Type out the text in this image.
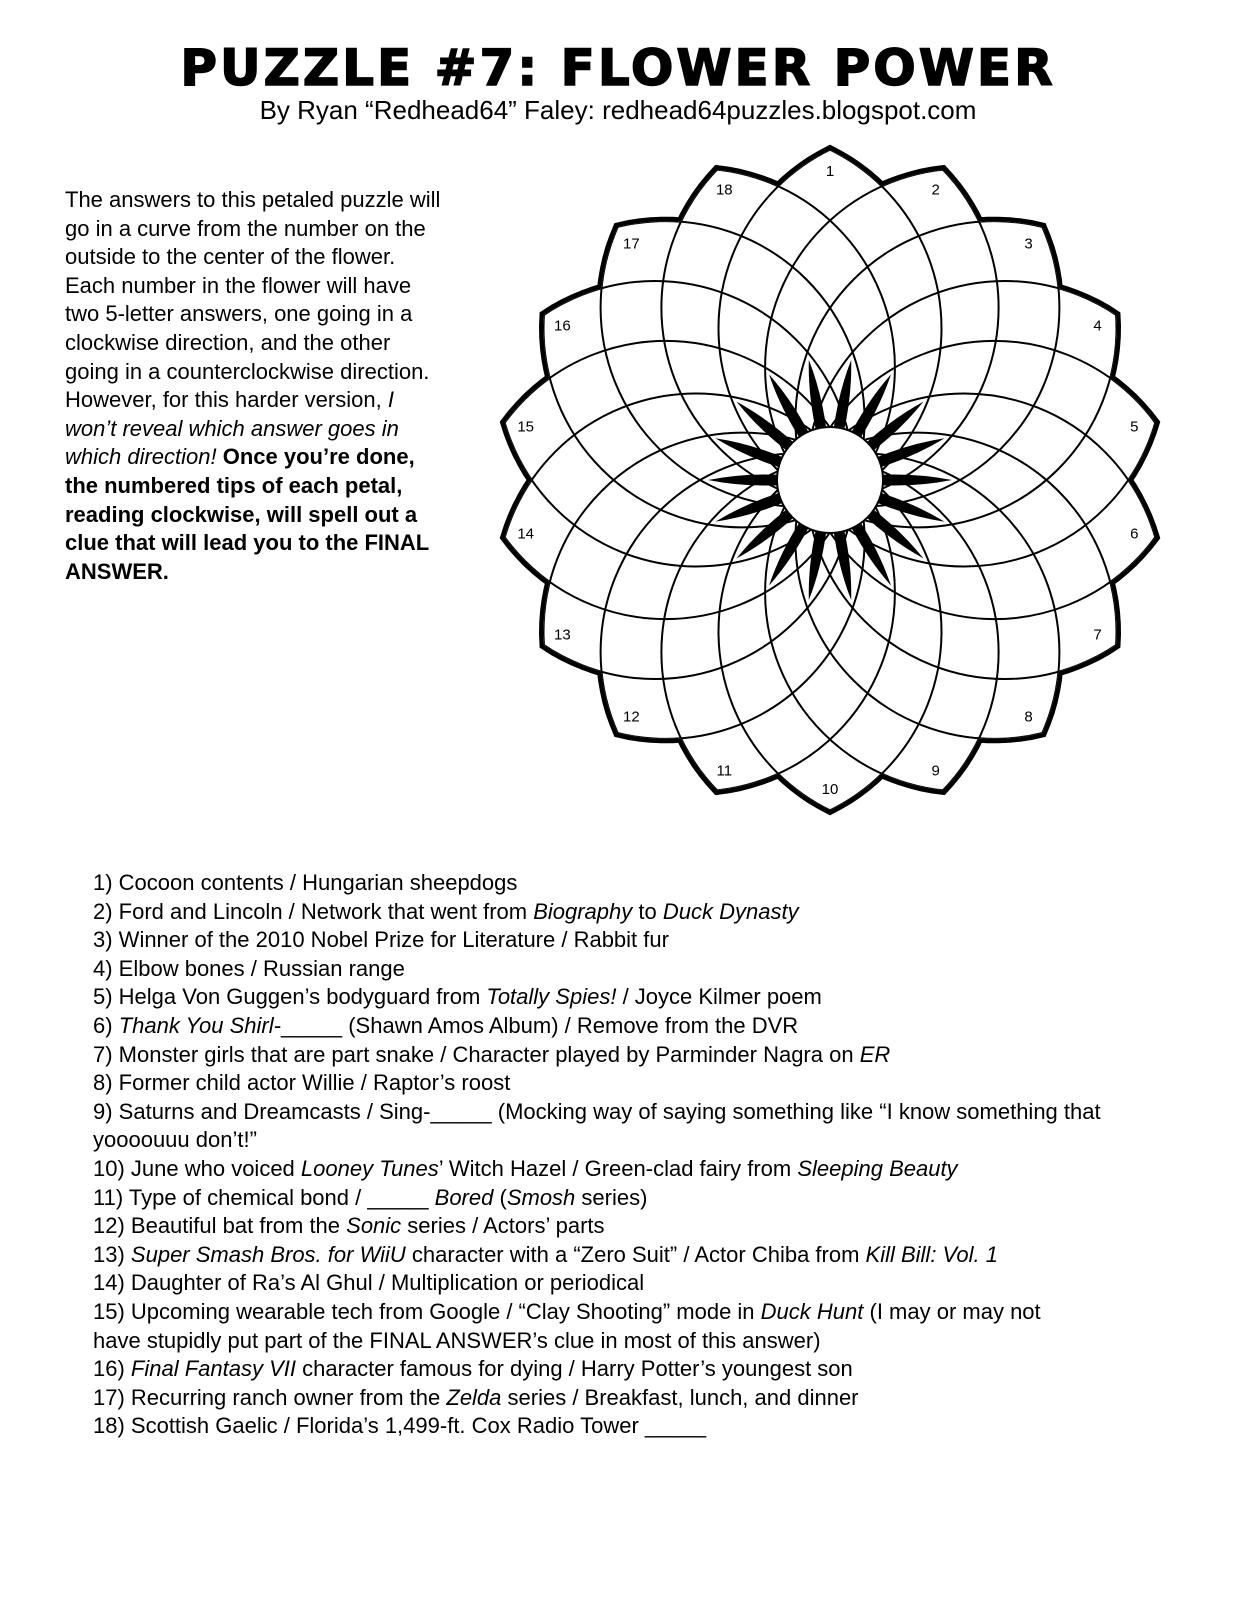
PUZZLE #7: FLOWER POWER
By Ryan “Redhead64” Faley: redhead64puzzles.blogspot.com
The answers to this petaled puzzle will
go in a curve from the number on the
outside to the center of the flower.
Each number in the flower will have
two 5-letter answers, one going in a
clockwise direction, and the other
going in a counterclockwise direction.
However, for this harder version, I
won’t reveal which answer goes in
which direction! Once you’re done,
the numbered tips of each petal,
reading clockwise, will spell out a
clue that will lead you to the FINAL
ANSWER.
1
2
3
4
5
6
7
8
9
10
11
12
13
14
15
16
17
18
1) Cocoon contents / Hungarian sheepdogs
2) Ford and Lincoln / Network that went from Biography to Duck Dynasty
3) Winner of the 2010 Nobel Prize for Literature / Rabbit fur
4) Elbow bones / Russian range
5) Helga Von Guggen’s bodyguard from Totally Spies! / Joyce Kilmer poem
6) Thank You Shirl-_____ (Shawn Amos Album) / Remove from the DVR
7) Monster girls that are part snake / Character played by Parminder Nagra on ER
8) Former child actor Willie / Raptor’s roost
9) Saturns and Dreamcasts / Sing-_____ (Mocking way of saying something like “I know something that yoooouuu don’t!”
10) June who voiced Looney Tunes’ Witch Hazel / Green-clad fairy from Sleeping Beauty
11) Type of chemical bond / _____ Bored (Smosh series)
12) Beautiful bat from the Sonic series / Actors’ parts
13) Super Smash Bros. for WiiU character with a “Zero Suit” / Actor Chiba from Kill Bill: Vol. 1
14) Daughter of Ra’s Al Ghul / Multiplication or periodical
15) Upcoming wearable tech from Google / “Clay Shooting” mode in Duck Hunt (I may or may not
have stupidly put part of the FINAL ANSWER’s clue in most of this answer)
16) Final Fantasy VII character famous for dying / Harry Potter’s youngest son
17) Recurring ranch owner from the Zelda series / Breakfast, lunch, and dinner
18) Scottish Gaelic / Florida’s 1,499-ft. Cox Radio Tower _____
